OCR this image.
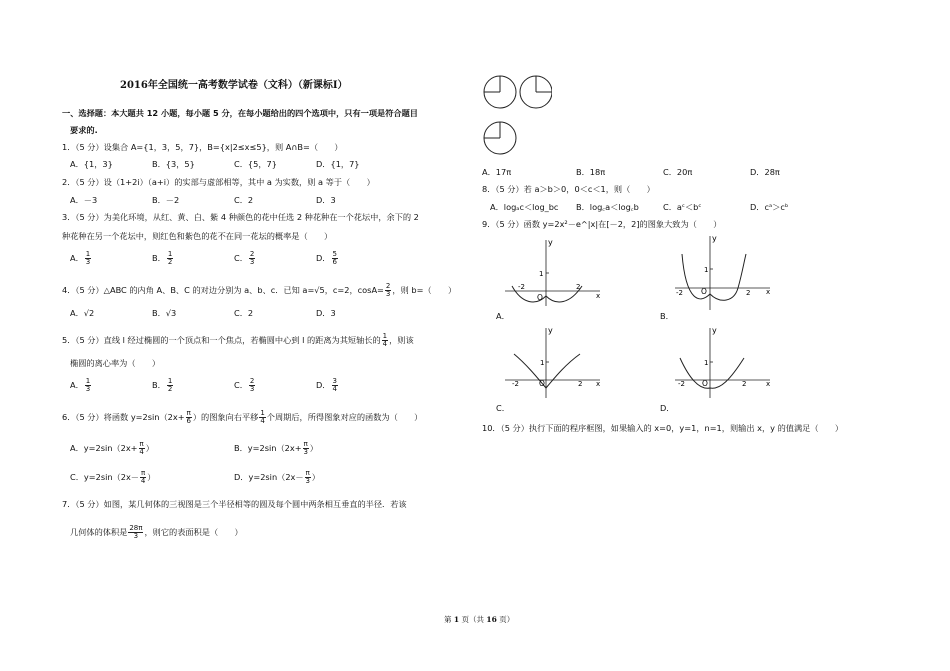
2016年全国统一高考数学试卷（文科）（新课标Ⅰ）
一、选择题：本大题共 12 小题，每小题 5 分，在每小题给出的四个选项中，只有一项是符合题目
要求的.
1．（5 分）设集合 A={1，3，5，7}，B={x|2≤x≤5}，则 A∩B=（　　）
A．{1，3}	B．{3，5}	C．{5，7}	D．{1，7}
2．（5 分）设（1+2i）（a+i）的实部与虚部相等，其中 a 为实数，则 a 等于（　　）
A．－3	B．－2	C．2	D．3
3．（5 分）为美化环境，从红、黄、白、紫 4 种颜色的花中任选 2 种花种在一个花坛中，余下的 2
种花种在另一个花坛中，则红色和紫色的花不在同一花坛的概率是（　　）
A． $\frac{1}{3}$	B． $\frac{1}{2}$	C． $\frac{2}{3}$	D． $\frac{5}{6}$
4．（5 分）△ABC 的内角 A、B、C 的对边分别为 a、b、c．已知 a=√5，c=2，$\cos A= \frac{2}{3}$ ，则 b=（　　）
A．√2	B．√3	C．2	D．3
5．（5 分）直线 l 经过椭圆的一个顶点和一个焦点，若椭圆中心到 l 的距离为其短轴长的 $\frac{1}{4}$ ，则该
椭圆的离心率为（　　）
A． $\frac{1}{3}$	B． $\frac{1}{2}$	C． $\frac{2}{3}$	D． $\frac{3}{4}$
6．（5 分）将函数 $y=2\sin(2x+ \frac{\pi}{6}$ ）的图象向右平移 $\frac{1}{4}$ 个周期后，所得图象对应的函数为（　　）
A．$y=2\sin(2x+ \frac{\pi}{4}$ ）	B．$y=2\sin(2x+ \frac{\pi}{3}$ ）
C．$y=2\sin(2x- \frac{\pi}{4}$ ）	D．$y=2\sin(2x- \frac{\pi}{3}$ ）
7．（5 分）如图，某几何体的三视图是三个半径相等的圆及每个圆中两条相互垂直的半径．若该
几何体的体积是 $\frac{28\pi}{3}$ ，则它的表面积是（　　）
A．17π	B．18π	C．20π	D．28π
8．（5 分）若 a＞b＞0，0＜c＜1，则（　　）
A．logₐc＜log_bc B．log꜀a＜log꜀b	C．aᶜ＜bᶜ	D．cᵃ＞cᵇ
9．（5 分）函数 y=2x²－e^|x|在[－2，2]的图象大致为（　　）
y
x
O
1
-2	2
A．
y
x
O
1
-2	2
B．
y
x
O
1
-2	2
C．
y
x
O
1
-2	2
D．
10．（5 分）执行下面的程序框图，如果输入的 x=0，y=1，n=1，则输出 x，y 的值满足（　　）
第 1 页（共 16 页）
